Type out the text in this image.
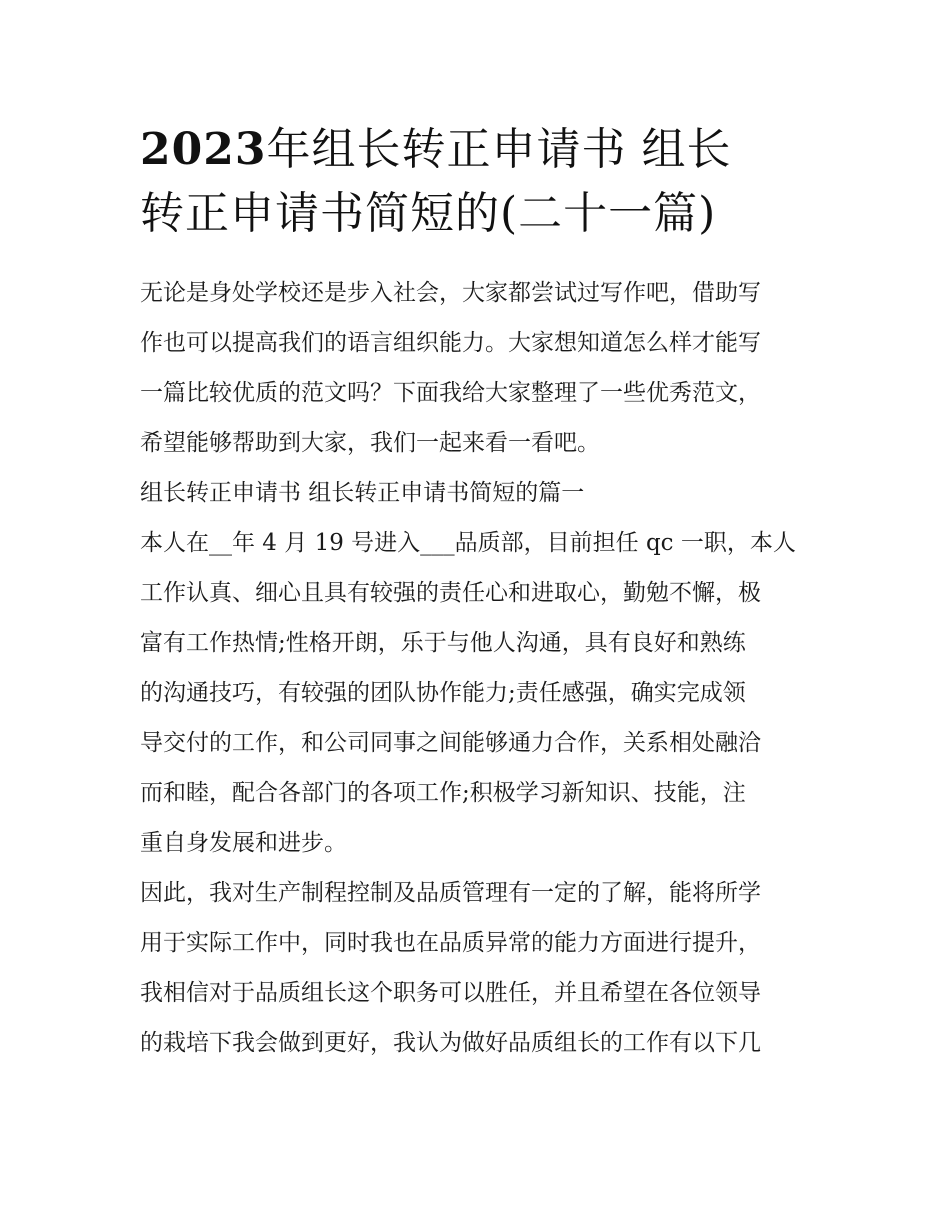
2023年组长转正申请书 组长
转正申请书简短的(二十一篇)
无论是身处学校还是步入社会，大家都尝试过写作吧，借助写
作也可以提高我们的语言组织能力。大家想知道怎么样才能写
一篇比较优质的范文吗？下面我给大家整理了一些优秀范文，
希望能够帮助到大家，我们一起来看一看吧。
组长转正申请书 组长转正申请书简短的篇一
本人在__年 4 月 19 号进入___品质部，目前担任 qc 一职，本人
工作认真、细心且具有较强的责任心和进取心，勤勉不懈，极
富有工作热情;性格开朗，乐于与他人沟通，具有良好和熟练
的沟通技巧，有较强的团队协作能力;责任感强，确实完成领
导交付的工作，和公司同事之间能够通力合作，关系相处融洽
而和睦，配合各部门的各项工作;积极学习新知识、技能，注
重自身发展和进步。
因此，我对生产制程控制及品质管理有一定的了解，能将所学
用于实际工作中，同时我也在品质异常的能力方面进行提升，
我相信对于品质组长这个职务可以胜任，并且希望在各位领导
的栽培下我会做到更好，我认为做好品质组长的工作有以下几
